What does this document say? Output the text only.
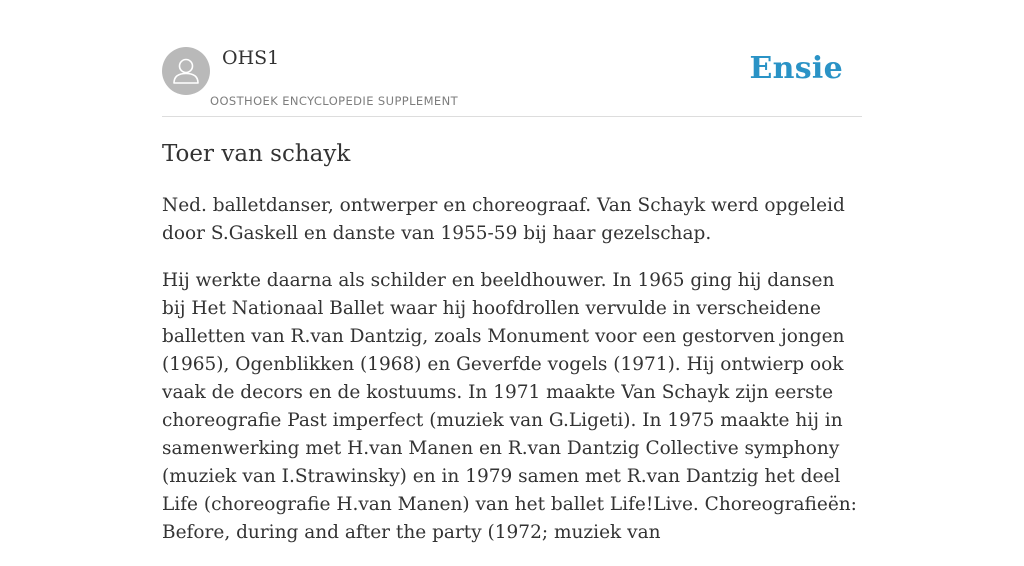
OHS1
OOSTHOEK ENCYCLOPEDIE SUPPLEMENT
Ensie
Toer van schayk

Ned. balletdanser, ontwerper en choreograaf. Van Schayk werd opgeleid door S.Gaskell en danste van 1955-59 bij haar gezelschap.

Hij werkte daarna als schilder en beeldhouwer. In 1965 ging hij dansen bij Het Nationaal Ballet waar hij hoofdrollen vervulde in verscheidene balletten van R.van Dantzig, zoals Monument voor een gestorven jongen (1965), Ogenblikken (1968) en Geverfde vogels (1971). Hij ontwierp ook vaak de decors en de kostuums. In 1971 maakte Van Schayk zijn eerste choreografie Past imperfect (muziek van G.Ligeti). In 1975 maakte hij in samenwerking met H.van Manen en R.van Dantzig Collective symphony (muziek van I.Strawinsky) en in 1979 samen met R.van Dantzig het deel Life (choreografie H.van Manen) van het ballet Life!Live. Choreografieën: Before, during and after the party (1972; muziek van
